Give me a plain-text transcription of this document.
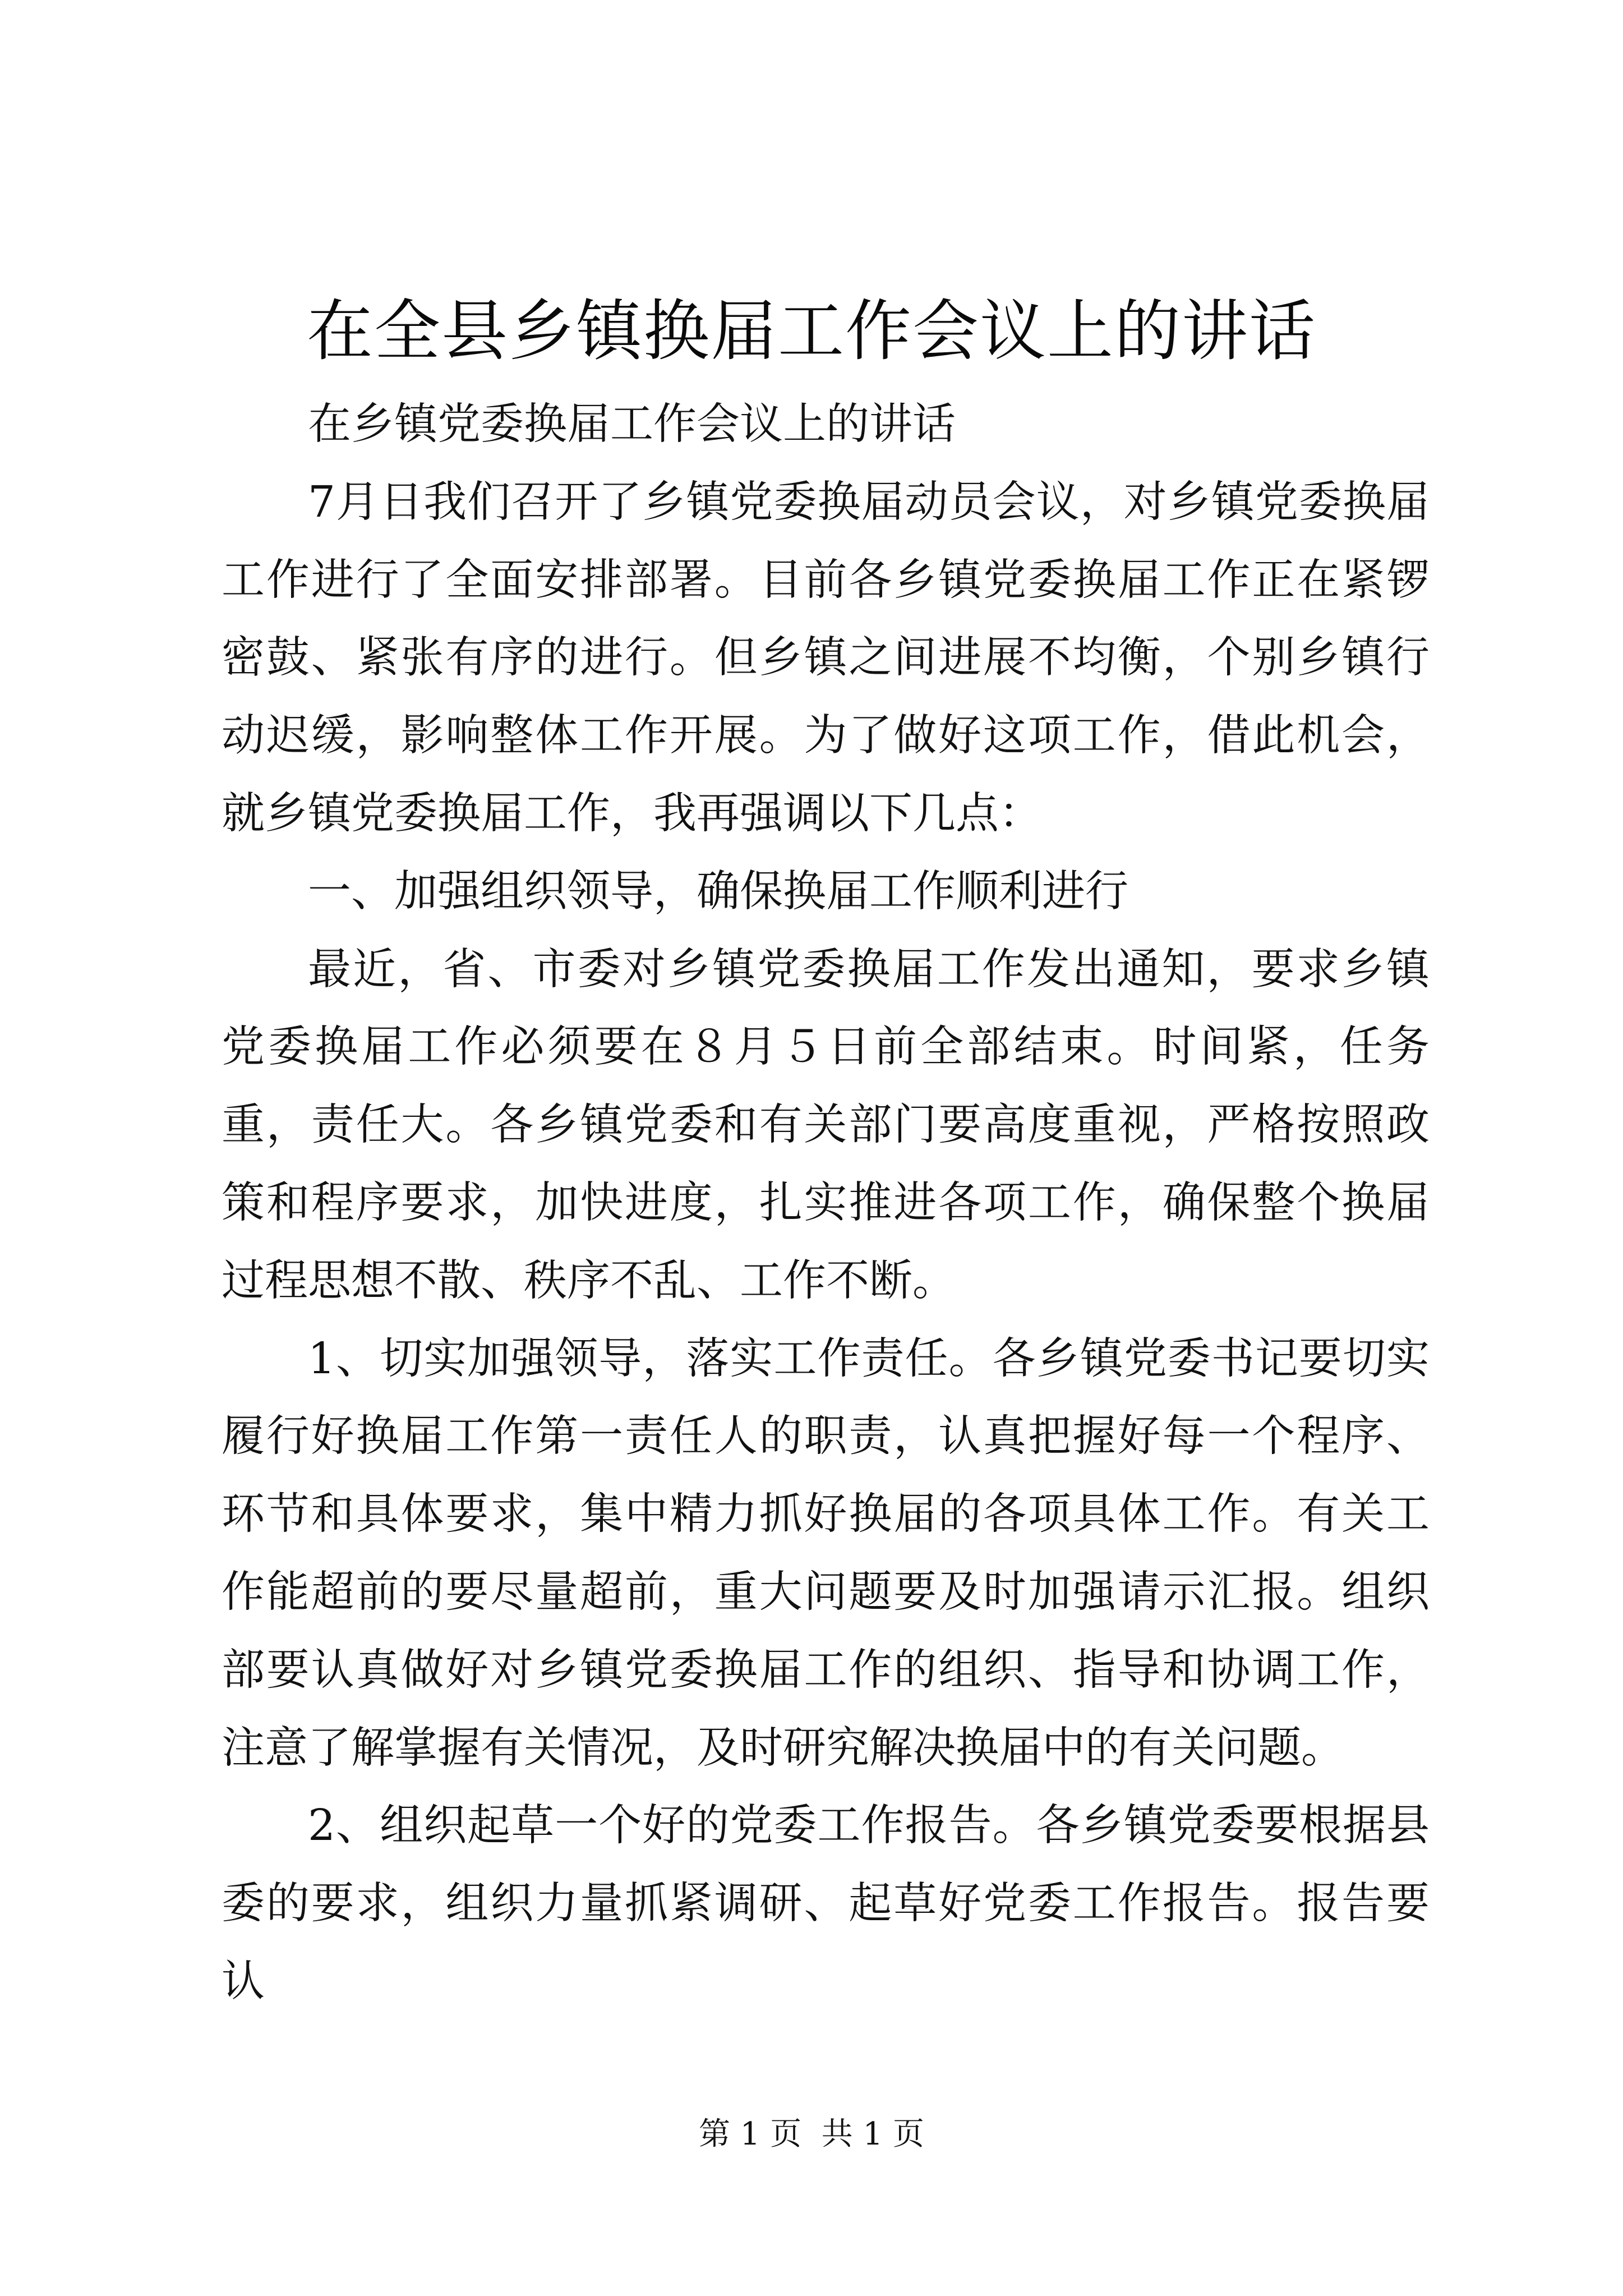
在全县乡镇换届工作会议上的讲话

在乡镇党委换届工作会议上的讲话

7月日我们召开了乡镇党委换届动员会议，对乡镇党委换届工作进行了全面安排部署。目前各乡镇党委换届工作正在紧锣密鼓、紧张有序的进行。但乡镇之间进展不均衡，个别乡镇行动迟缓，影响整体工作开展。为了做好这项工作，借此机会，就乡镇党委换届工作，我再强调以下几点：

一、加强组织领导，确保换届工作顺利进行

最近，省、市委对乡镇党委换届工作发出通知，要求乡镇党委换届工作必须要在８月５日前全部结束。时间紧，任务重，责任大。各乡镇党委和有关部门要高度重视，严格按照政策和程序要求，加快进度，扎实推进各项工作，确保整个换届过程思想不散、秩序不乱、工作不断。

1、切实加强领导，落实工作责任。各乡镇党委书记要切实履行好换届工作第一责任人的职责，认真把握好每一个程序、环节和具体要求，集中精力抓好换届的各项具体工作。有关工作能超前的要尽量超前，重大问题要及时加强请示汇报。组织部要认真做好对乡镇党委换届工作的组织、指导和协调工作，注意了解掌握有关情况，及时研究解决换届中的有关问题。

2、组织起草一个好的党委工作报告。各乡镇党委要根据县委的要求，组织力量抓紧调研、起草好党委工作报告。报告要认

第 1 页  共 1 页
